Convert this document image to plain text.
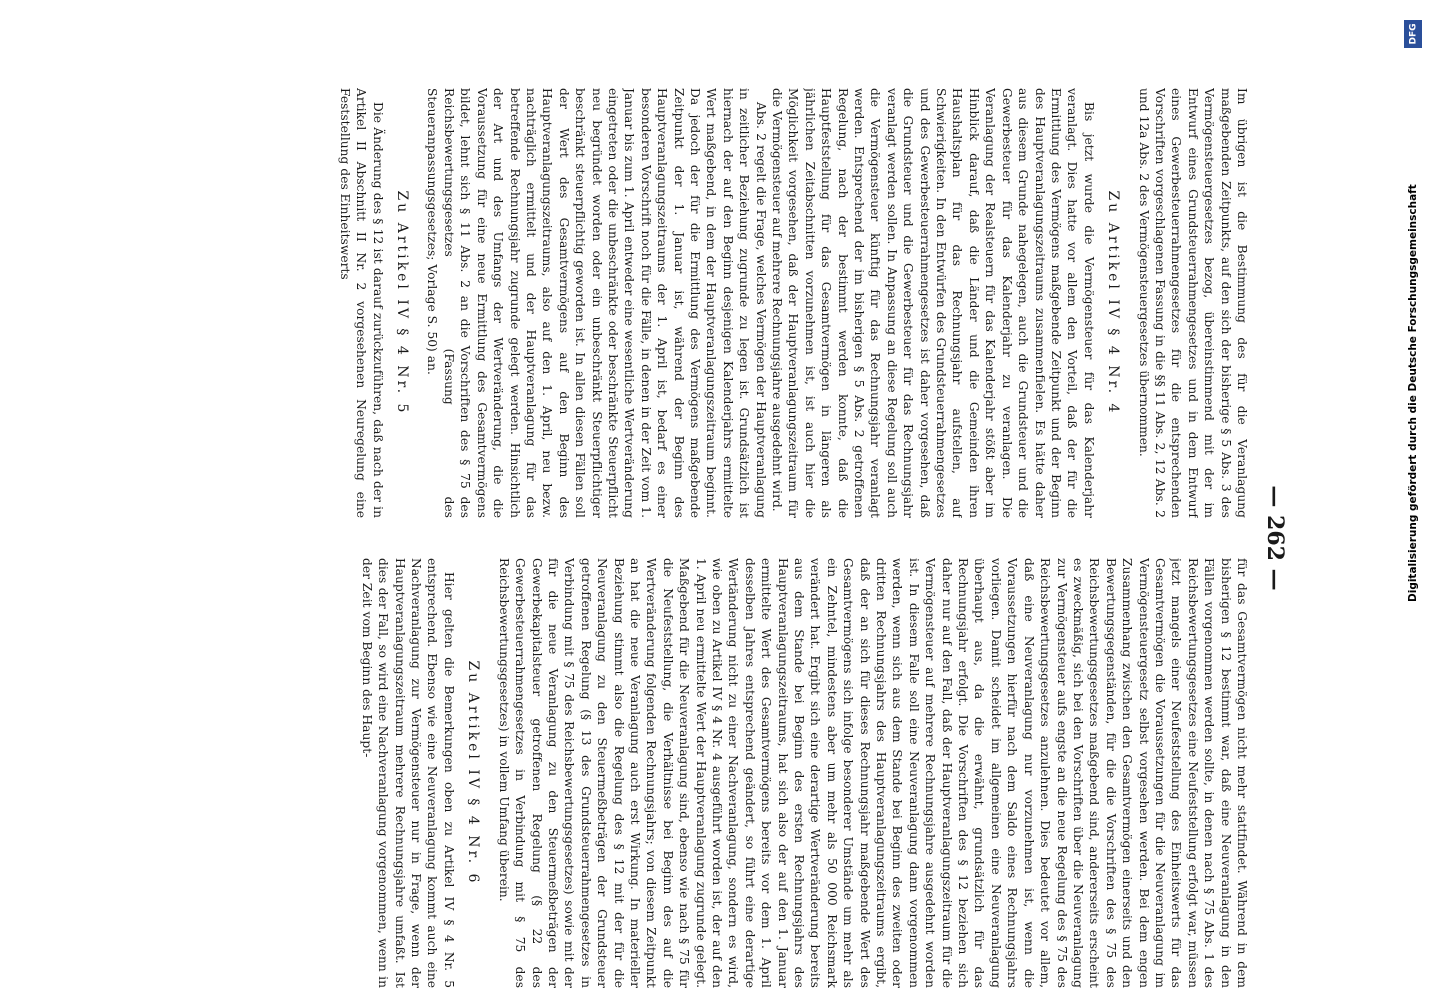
— 262 —

Im übrigen ist die Bestimmung des für die Veranlagung maßgebenden Zeitpunkts, auf den sich der bisherige § 5 Abs. 3 des Vermögensteuergesetzes bezog, übereinstimmend mit der im Entwurf eines Grundsteuerrahmengesetzes und in dem Entwurf eines Gewerbesteuerrahmengesetzes für die entsprechenden Vorschriften vorgeschlagenen Fassung in die §§ 11 Abs. 2, 12 Abs. 2 und 12a Abs. 2 des Vermögensteuergesetzes übernommen.

Zu Artikel IV § 4 Nr. 4

Bis jetzt wurde die Vermögensteuer für das Kalenderjahr veranlagt. Dies hatte vor allem den Vorteil, daß der für die Ermittlung des Vermögens maßgebende Zeitpunkt und der Beginn des Hauptveranlagungszeitraums zusammenfielen. Es hätte daher aus diesem Grunde nahegelegen, auch die Grundsteuer und die Gewerbesteuer für das Kalenderjahr zu veranlagen. Die Veranlagung der Realsteuern für das Kalenderjahr stößt aber im Hinblick darauf, daß die Länder und die Gemeinden ihren Haushaltsplan für das Rechnungsjahr aufstellen, auf Schwierigkeiten. In den Entwürfen des Grundsteuerrahmengesetzes und des Gewerbesteuerrahmengesetzes ist daher vorgesehen, daß die Grundsteuer und die Gewerbesteuer für das Rechnungsjahr veranlagt werden sollen. In Anpassung an diese Regelung soll auch die Vermögensteuer künftig für das Rechnungsjahr veranlagt werden. Entsprechend der im bisherigen § 5 Abs. 2 getroffenen Regelung, nach der bestimmt werden konnte, daß die Hauptfeststellung für das Gesamtvermögen in längeren als jährlichen Zeitabschnitten vorzunehmen ist, ist auch hier die Möglichkeit vorgesehen, daß der Hauptveranlagungszeitraum für die Vermögensteuer auf mehrere Rechnungsjahre ausgedehnt wird.

Abs. 2 regelt die Frage, welches Vermögen der Hauptveranlagung in zeitlicher Beziehung zugrunde zu legen ist. Grundsätzlich ist hiernach der auf den Beginn desjenigen Kalenderjahrs ermittelte Wert maßgebend, in dem der Hauptveranlagungszeitraum beginnt. Da jedoch der für die Ermittlung des Vermögens maßgebende Zeitpunkt der 1. Januar ist, während der Beginn des Hauptveranlagungszeitraums der 1. April ist, bedarf es einer besonderen Vorschrift noch für die Fälle, in denen in der Zeit vom 1. Januar bis zum 1. April entweder eine wesentliche Wertveränderung eingetreten oder die unbeschränkte oder beschränkte Steuerpflicht neu begründet worden oder ein unbeschränkt Steuerpflichtiger beschränkt steuerpflichtig geworden ist. In allen diesen Fällen soll der Wert des Gesamtvermögens auf den Beginn des Hauptveranlagungszeitraums, also auf den 1. April, neu bezw. nachträglich ermittelt und der Hauptveranlagung für das betreffende Rechnungsjahr zugrunde gelegt werden. Hinsichtlich der Art und des Umfangs der Wertveränderung, die die Voraussetzung für eine neue Ermittlung des Gesamtvermögens bildet, lehnt sich § 11 Abs. 2 an die Vorschriften des § 75 des Reichsbewertungsgesetzes (Fassung des Steueranpassungsgesetzes; Vorlage S. 50) an.

Zu Artikel IV § 4 Nr. 5

Die Änderung des § 12 ist darauf zurückzuführen, daß nach der in Artikel II Abschnitt II Nr. 2 vorgesehenen Neuregelung eine Feststellung des Einheitswerts

für das Gesamtvermögen nicht mehr stattfindet. Während in dem bisherigen § 12 bestimmt war, daß eine Neuveranlagung in den Fällen vorgenommen werden sollte, in denen nach § 75 Abs. 1 des Reichsbewertungsgesetzes eine Neufeststellung erfolgt war, müssen jetzt mangels einer Neufeststellung des Einheitswerts für das Gesamtvermögen die Voraussetzungen für die Neuveranlagung im Vermögensteuergesetz selbst vorgesehen werden. Bei dem engen Zusammenhang zwischen den Gesamtvermögen einerseits und den Bewertungsgegenständen, für die die Vorschriften des § 75 des Reichsbewertungsgesetzes maßgebend sind, andererseits erscheint es zweckmäßig, sich bei den Vorschriften über die Neuveranlagung zur Vermögensteuer aufs engste an die neue Regelung des § 75 des Reichsbewertungsgesetzes anzulehnen. Dies bedeutet vor allem, daß eine Neuveranlagung nur vorzunehmen ist, wenn die Voraussetzungen hierfür nach dem Saldo eines Rechnungsjahrs vorliegen. Damit scheidet im allgemeinen eine Neuveranlagung überhaupt aus, da die erwähnt, grundsätzlich für das Rechnungsjahr erfolgt. Die Vorschriften des § 12 beziehen sich daher nur auf den Fall, daß der Hauptveranlagungszeitraum für die Vermögensteuer auf mehrere Rechnungsjahre ausgedehnt worden ist. In diesem Falle soll eine Neuveranlagung dann vorgenommen werden, wenn sich aus dem Stande bei Beginn des zweiten oder dritten Rechnungsjahrs des Hauptveranlagungszeitraums ergibt, daß der an sich für dieses Rechnungsjahr maßgebende Wert des Gesamtvermögens sich infolge besonderer Umstände um mehr als ein Zehntel, mindestens aber um mehr als 50 000 Reichsmark verändert hat. Ergibt sich eine derartige Wertveränderung bereits aus dem Stande bei Beginn des ersten Rechnungsjahrs des Hauptveranlagungszeitraums, hat sich also der auf den 1. Januar ermittelte Wert des Gesamtvermögens bereits vor dem 1. April desselben Jahres entsprechend geändert, so führt eine derartige Wertänderung nicht zu einer Nachveranlagung, sondern es wird, wie oben zu Artikel IV § 4 Nr. 4 ausgeführt worden ist, der auf den 1. April neu ermittelte Wert der Hauptveranlagung zugrunde gelegt. Maßgebend für die Neuveranlagung sind, ebenso wie nach § 75 für die Neufeststellung, die Verhältnisse bei Beginn des auf die Wertveränderung folgenden Rechnungsjahrs; von diesem Zeitpunkt an hat die neue Veranlagung auch erst Wirkung. In materieller Beziehung stimmt also die Regelung des § 12 mit der für die Neuveranlagung zu den Steuermeßbeträgen der Grundsteuer getroffenen Regelung (§ 13 des Grundsteuerrahmengesetzes in Verbindung mit § 75 des Reichsbewertungsgesetzes) sowie mit der für die neue Veranlagung zu den Steuermeßbeträgen der Gewerbekapitalsteuer getroffenen Regelung (§ 22 des Gewerbesteuerrahmengesetzes in Verbindung mit § 75 des Reichsbewertungsgesetzes) in vollem Umfang überein.

Zu Artikel IV § 4 Nr. 6

Hier gelten die Bemerkungen oben zu Artikel IV § 4 Nr. 5 entsprechend. Ebenso wie eine Neuveranlagung kommt auch eine Nachveranlagung zur Vermögensteuer nur in Frage, wenn der Hauptveranlagungszeitraum mehrere Rechnungsjahre umfaßt. Ist dies der Fall, so wird eine Nachveranlagung vorgenommen, wenn in der Zeit vom Beginn des Haupt-

DFG
Digitalisierung gefördert durch die Deutsche Forschungsgemeinschaft
